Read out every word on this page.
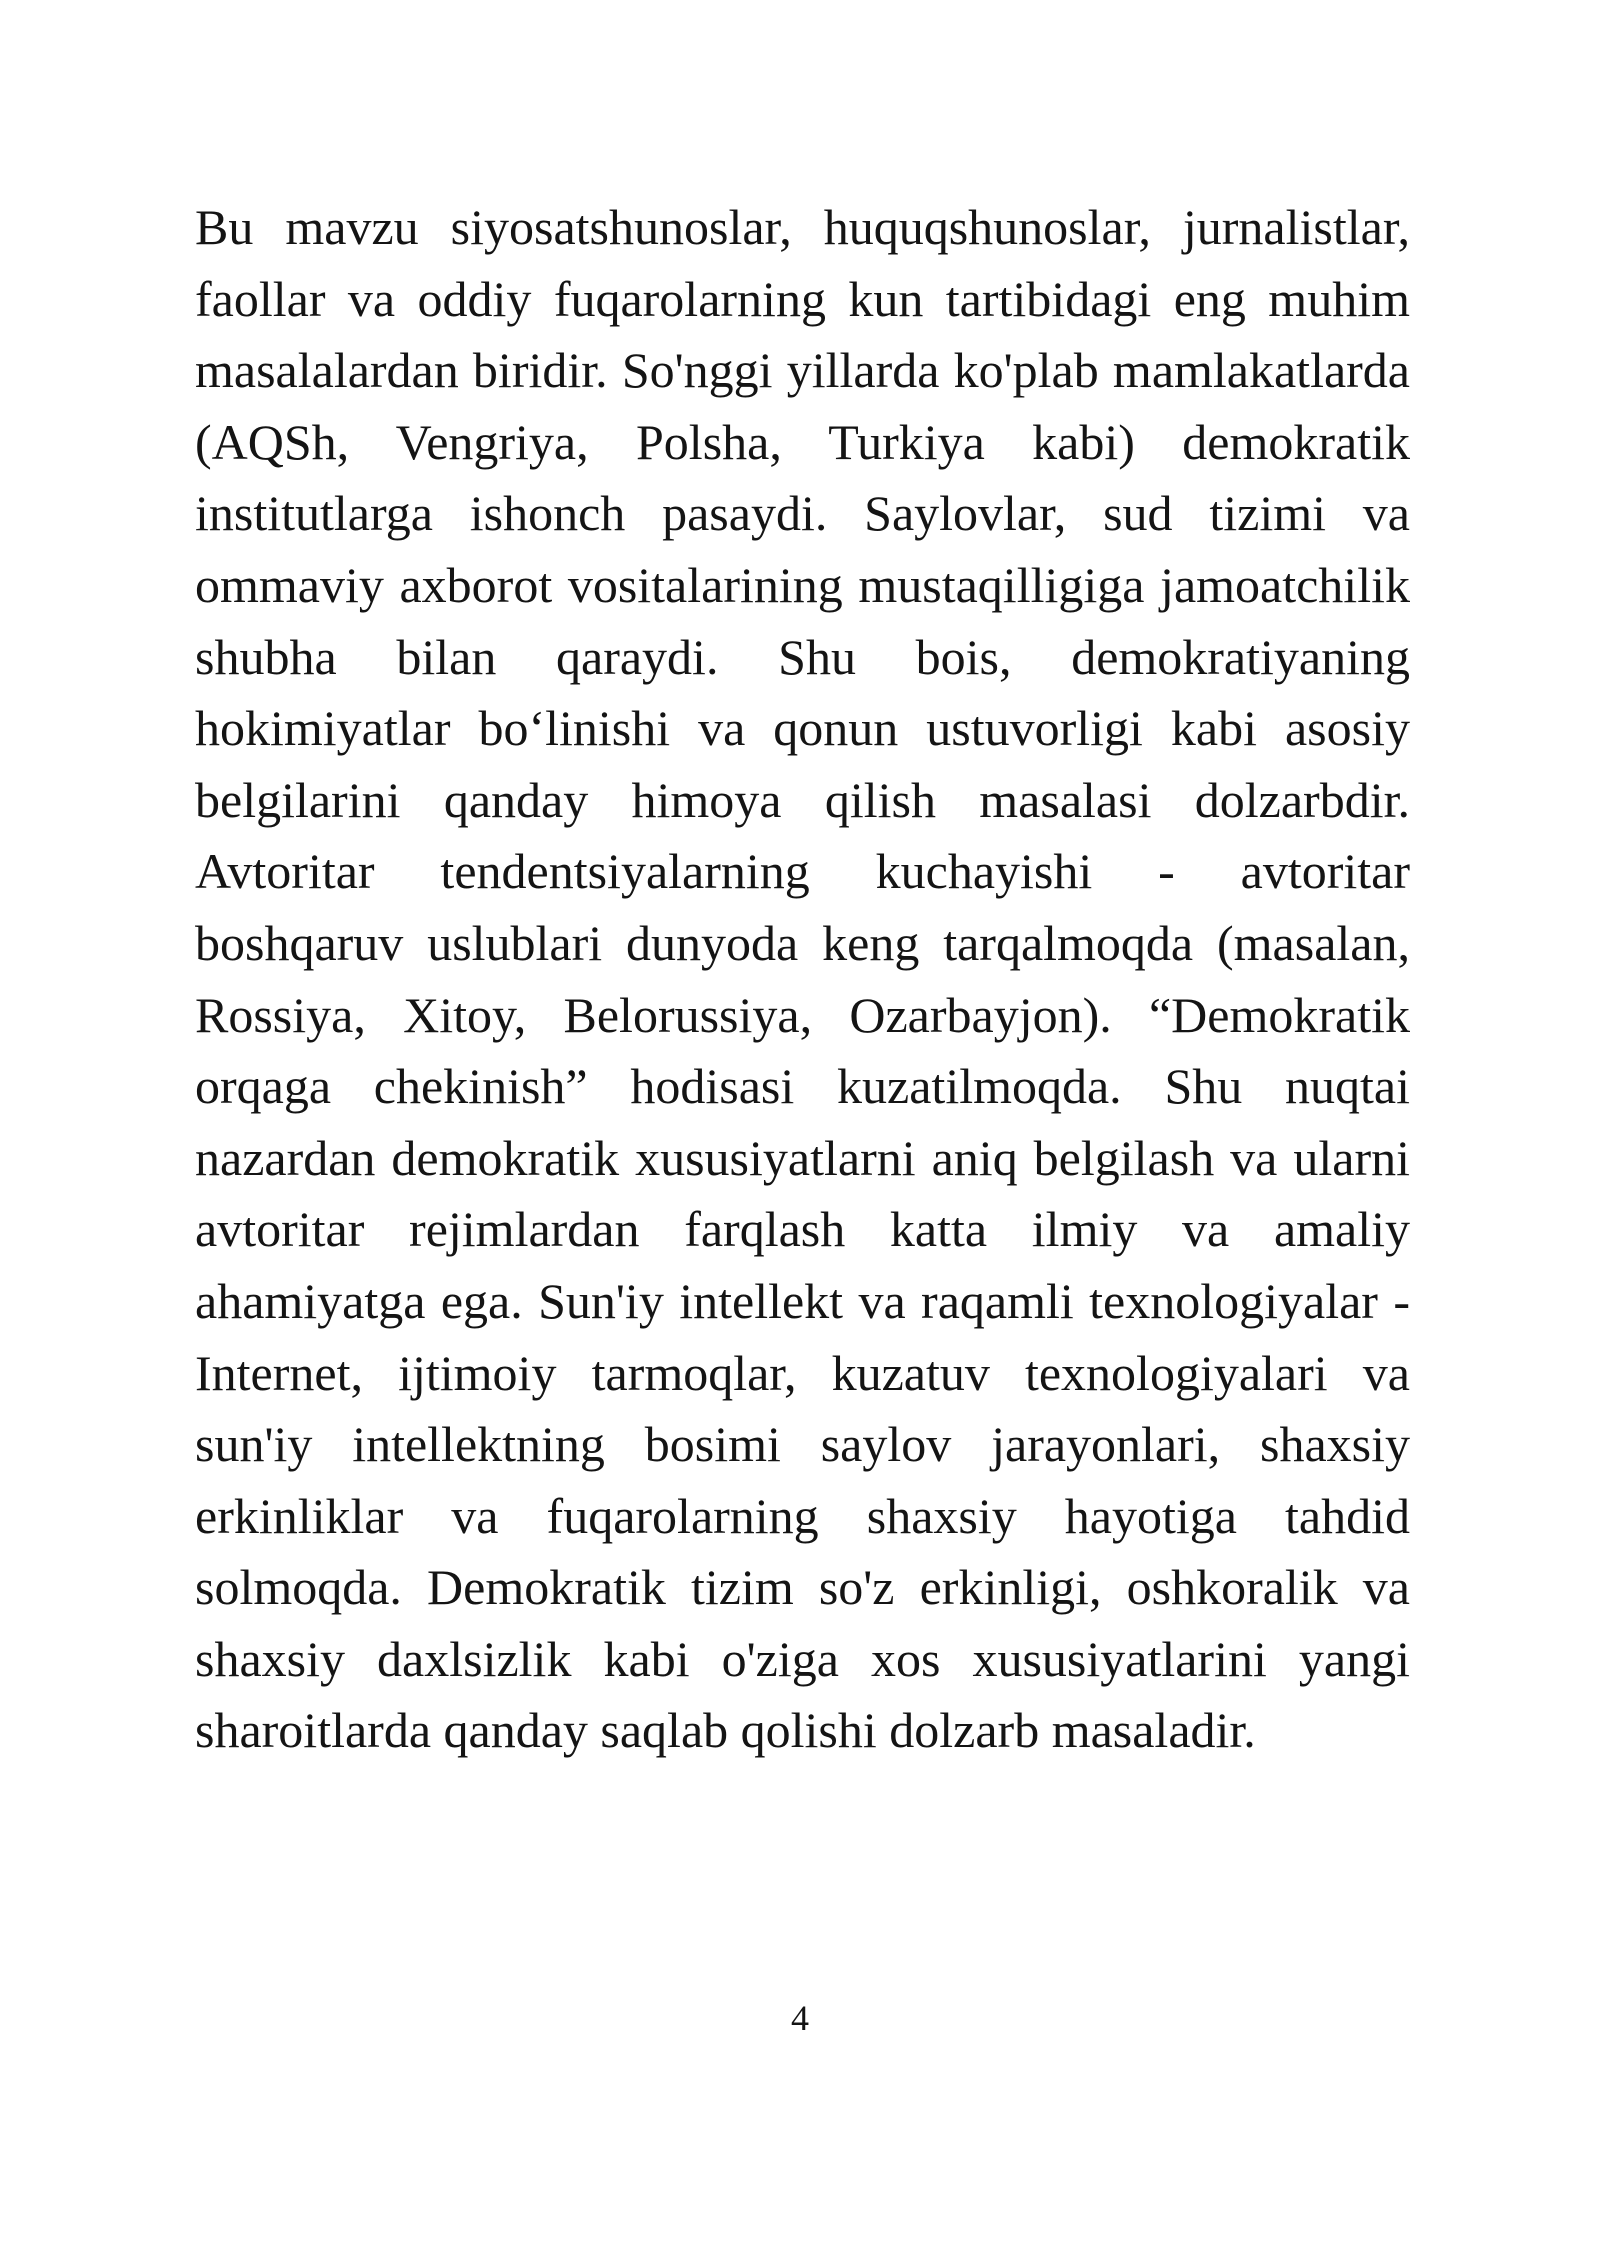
Bu mavzu siyosatshunoslar, huquqshunoslar, jurnalistlar, faollar va oddiy fuqarolarning kun tartibidagi eng muhim masalalardan biridir. So'nggi yillarda ko'plab mamlakatlarda (AQSh, Vengriya, Polsha, Turkiya kabi) demokratik institutlarga ishonch pasaydi. Saylovlar, sud tizimi va ommaviy axborot vositalarining mustaqilligiga jamoatchilik shubha bilan qaraydi. Shu bois, demokratiyaning hokimiyatlar bo‘linishi va qonun ustuvorligi kabi asosiy belgilarini qanday himoya qilish masalasi dolzarbdir. Avtoritar tendentsiyalarning kuchayishi - avtoritar boshqaruv uslublari dunyoda keng tarqalmoqda (masalan, Rossiya, Xitoy, Belorussiya, Ozarbayjon). “Demokratik orqaga chekinish” hodisasi kuzatilmoqda. Shu nuqtai nazardan demokratik xususiyatlarni aniq belgilash va ularni avtoritar rejimlardan farqlash katta ilmiy va amaliy ahamiyatga ega. Sun'iy intellekt va raqamli texnologiyalar - Internet, ijtimoiy tarmoqlar, kuzatuv texnologiyalari va sun'iy intellektning bosimi saylov jarayonlari, shaxsiy erkinliklar va fuqarolarning shaxsiy hayotiga tahdid solmoqda. Demokratik tizim so'z erkinligi, oshkoralik va shaxsiy daxlsizlik kabi o'ziga xos xususiyatlarini yangi sharoitlarda qanday saqlab qolishi dolzarb masaladir.

4
